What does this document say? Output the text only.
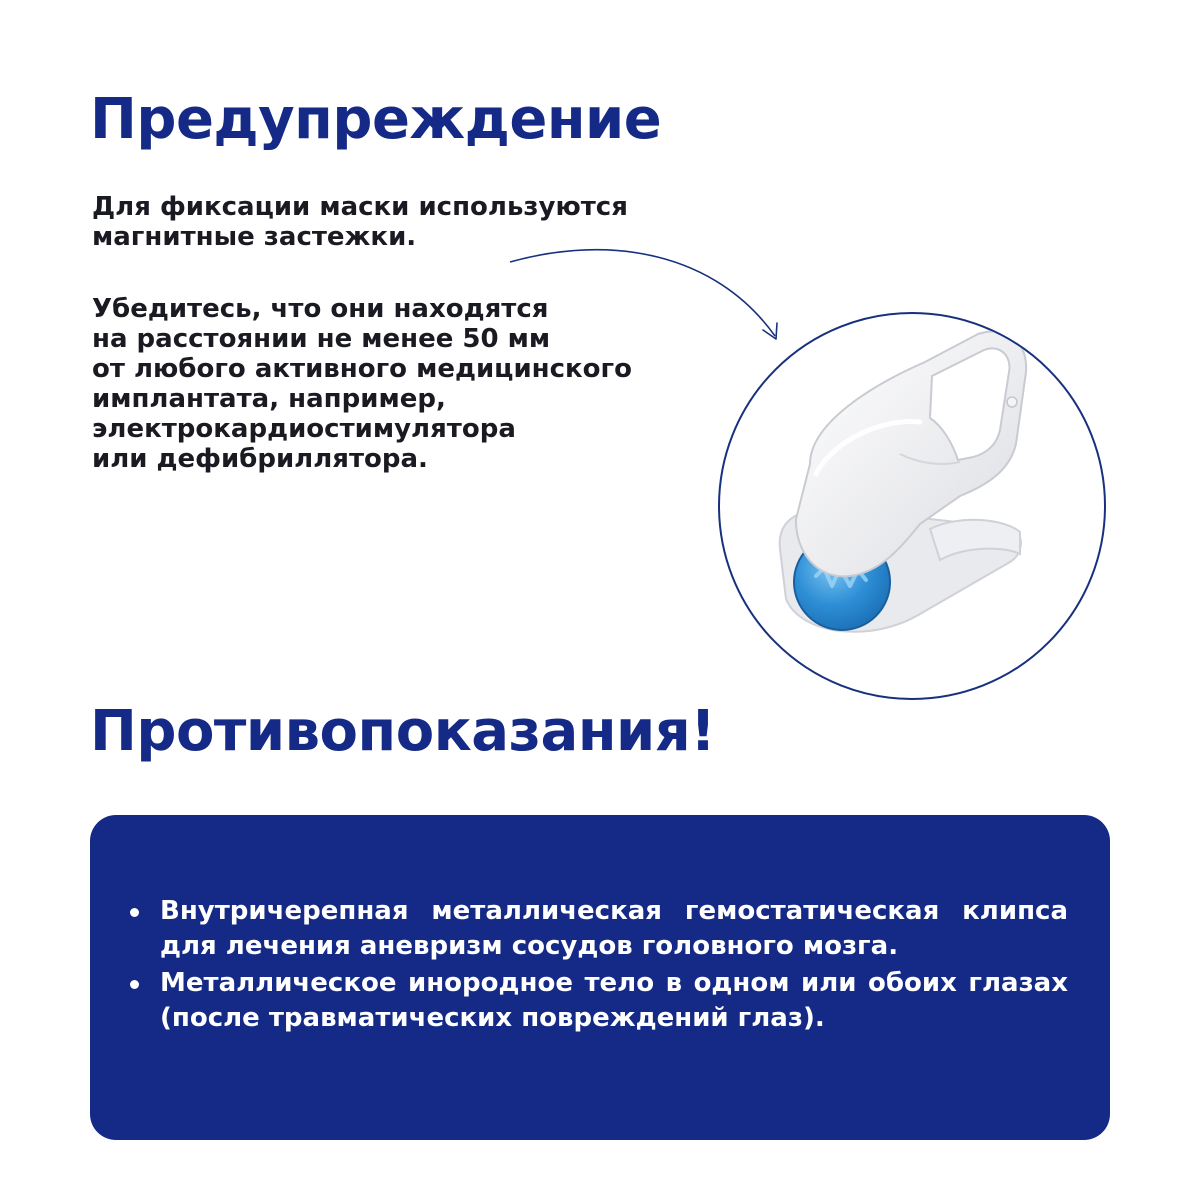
Предупреждение

Для фиксации маски используются
магнитные застежки.

Убедитесь, что они находятся
на расстоянии не менее 50 мм
от любого активного медицинского
имплантата, например,
электрокардиостимулятора
или дефибриллятора.

Противопоказания!
Внутричерепная металлическая гемостатическая клипса для лечения аневризм сосудов головного мозга.
Металлическое инородное тело в одном или обоих глазах (после травматических повреждений глаз).
